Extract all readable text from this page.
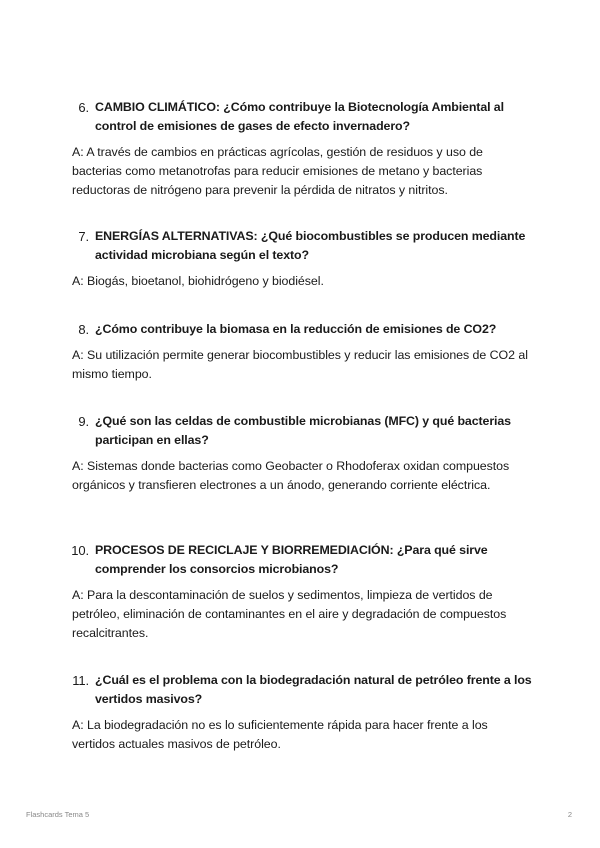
6. CAMBIO CLIMÁTICO: ¿Cómo contribuye la Biotecnología Ambiental al control de emisiones de gases de efecto invernadero?
A: A través de cambios en prácticas agrícolas, gestión de residuos y uso de bacterias como metanotrofas para reducir emisiones de metano y bacterias reductoras de nitrógeno para prevenir la pérdida de nitratos y nitritos.
7. ENERGÍAS ALTERNATIVAS: ¿Qué biocombustibles se producen mediante actividad microbiana según el texto?
A: Biogás, bioetanol, biohidrógeno y biodiésel.
8. ¿Cómo contribuye la biomasa en la reducción de emisiones de CO2?
A: Su utilización permite generar biocombustibles y reducir las emisiones de CO2 al mismo tiempo.
9. ¿Qué son las celdas de combustible microbianas (MFC) y qué bacterias participan en ellas?
A: Sistemas donde bacterias como Geobacter o Rhodoferax oxidan compuestos orgánicos y transfieren electrones a un ánodo, generando corriente eléctrica.
10. PROCESOS DE RECICLAJE Y BIORREMEDIACIÓN: ¿Para qué sirve comprender los consorcios microbianos?
A: Para la descontaminación de suelos y sedimentos, limpieza de vertidos de petróleo, eliminación de contaminantes en el aire y degradación de compuestos recalcitrantes.
11. ¿Cuál es el problema con la biodegradación natural de petróleo frente a los vertidos masivos?
A: La biodegradación no es lo suficientemente rápida para hacer frente a los vertidos actuales masivos de petróleo.
Flashcards Tema 5	2
